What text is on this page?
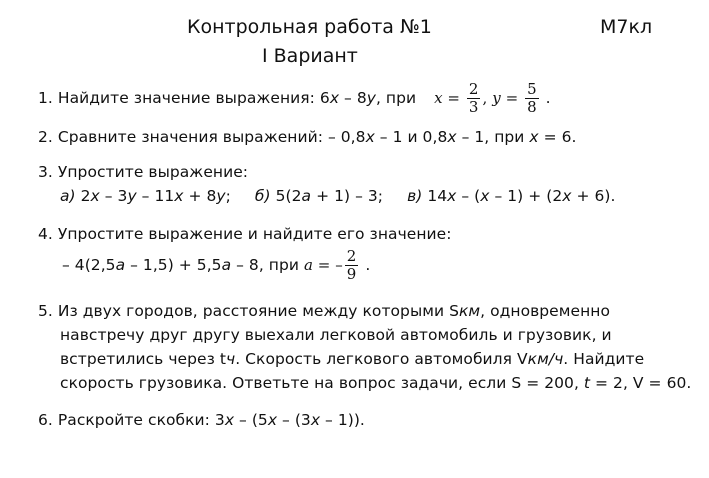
Контрольная работа №1	М7кл
I Вариант
1. Найдите значение выражения: 6x – 8y, при $x = \frac{2}{3}$ , $y = \frac{5}{8}$ .
2. Сравните значения выражений: – 0,8x – 1 и 0,8x – 1, при x = 6.
3. Упростите выражение:
а) 2x – 3y – 11x + 8y; б) 5(2a + 1) – 3; в) 14x – (x – 1) + (2x + 6).
4. Упростите выражение и найдите его значение:
– 4(2,5a – 1,5) + 5,5a – 8, при a = – $\frac{2}{9}$ .
5. Из двух городов, расстояние между которыми Sкм, одновременно
навстречу друг другу выехали легковой автомобиль и грузовик, и
встретились через tч. Скорость легкового автомобиля Vкм/ч. Найдите
скорость грузовика. Ответьте на вопрос задачи, если S = 200, t = 2, V = 60.
6. Раскройте скобки: 3x – (5x – (3x – 1)).
